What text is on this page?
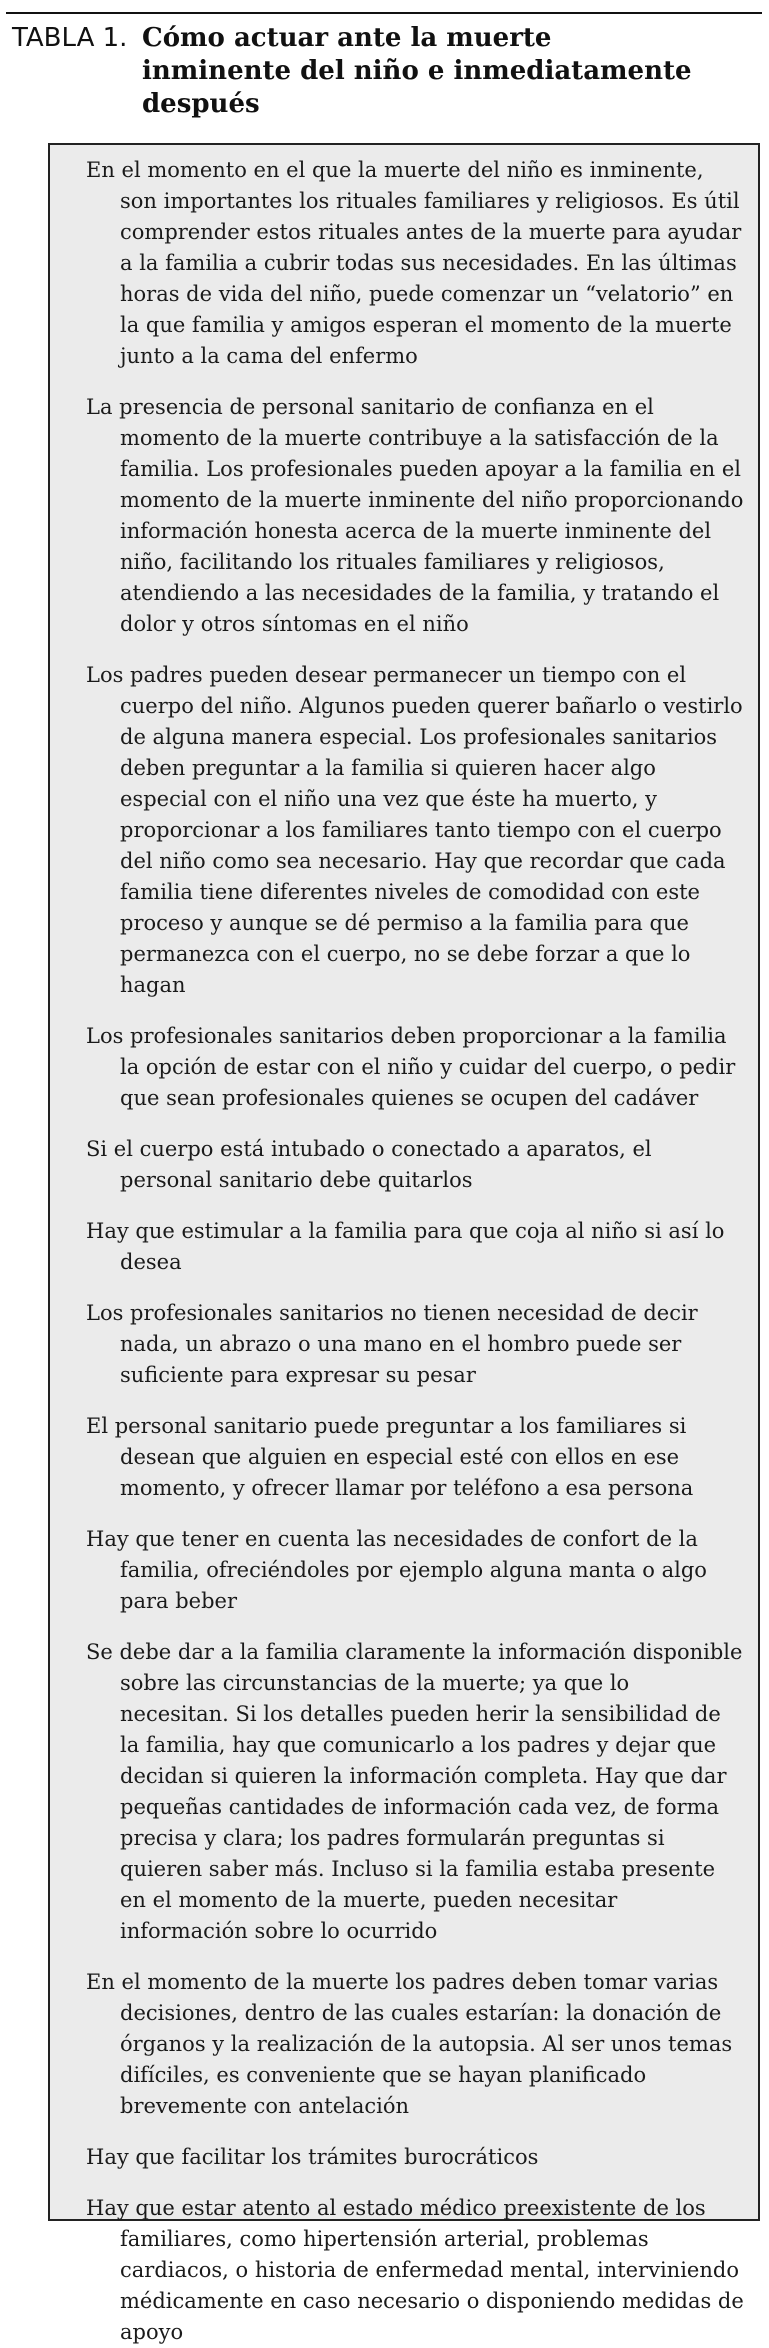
TABLA 1. Cómo actuar ante la muerte inminente del niño e inmediatamente después

En el momento en el que la muerte del niño es inminente, son importantes los rituales familiares y religiosos. Es útil comprender estos rituales antes de la muerte para ayudar a la familia a cubrir todas sus necesidades. En las últimas horas de vida del niño, puede comenzar un “velatorio” en la que familia y amigos esperan el momento de la muerte junto a la cama del enfermo

La presencia de personal sanitario de confianza en el momento de la muerte contribuye a la satisfacción de la familia. Los profesionales pueden apoyar a la familia en el momento de la muerte inminente del niño proporcionando información honesta acerca de la muerte inminente del niño, facilitando los rituales familiares y religiosos, atendiendo a las necesidades de la familia, y tratando el dolor y otros síntomas en el niño

Los padres pueden desear permanecer un tiempo con el cuerpo del niño. Algunos pueden querer bañarlo o vestirlo de alguna manera especial. Los profesionales sanitarios deben preguntar a la familia si quieren hacer algo especial con el niño una vez que éste ha muerto, y proporcionar a los familiares tanto tiempo con el cuerpo del niño como sea necesario. Hay que recordar que cada familia tiene diferentes niveles de comodidad con este proceso y aunque se dé permiso a la familia para que permanezca con el cuerpo, no se debe forzar a que lo hagan

Los profesionales sanitarios deben proporcionar a la familia la opción de estar con el niño y cuidar del cuerpo, o pedir que sean profesionales quienes se ocupen del cadáver

Si el cuerpo está intubado o conectado a aparatos, el personal sanitario debe quitarlos

Hay que estimular a la familia para que coja al niño si así lo desea

Los profesionales sanitarios no tienen necesidad de decir nada, un abrazo o una mano en el hombro puede ser suficiente para expresar su pesar

El personal sanitario puede preguntar a los familiares si desean que alguien en especial esté con ellos en ese momento, y ofrecer llamar por teléfono a esa persona

Hay que tener en cuenta las necesidades de confort de la familia, ofreciéndoles por ejemplo alguna manta o algo para beber

Se debe dar a la familia claramente la información disponible sobre las circunstancias de la muerte; ya que lo necesitan. Si los detalles pueden herir la sensibilidad de la familia, hay que comunicarlo a los padres y dejar que decidan si quieren la información completa. Hay que dar pequeñas cantidades de información cada vez, de forma precisa y clara; los padres formularán preguntas si quieren saber más. Incluso si la familia estaba presente en el momento de la muerte, pueden necesitar información sobre lo ocurrido

En el momento de la muerte los padres deben tomar varias decisiones, dentro de las cuales estarían: la donación de órganos y la realización de la autopsia. Al ser unos temas difíciles, es conveniente que se hayan planificado brevemente con antelación

Hay que facilitar los trámites burocráticos

Hay que estar atento al estado médico preexistente de los familiares, como hipertensión arterial, problemas cardiacos, o historia de enfermedad mental, interviniendo médicamente en caso necesario o disponiendo medidas de apoyo
